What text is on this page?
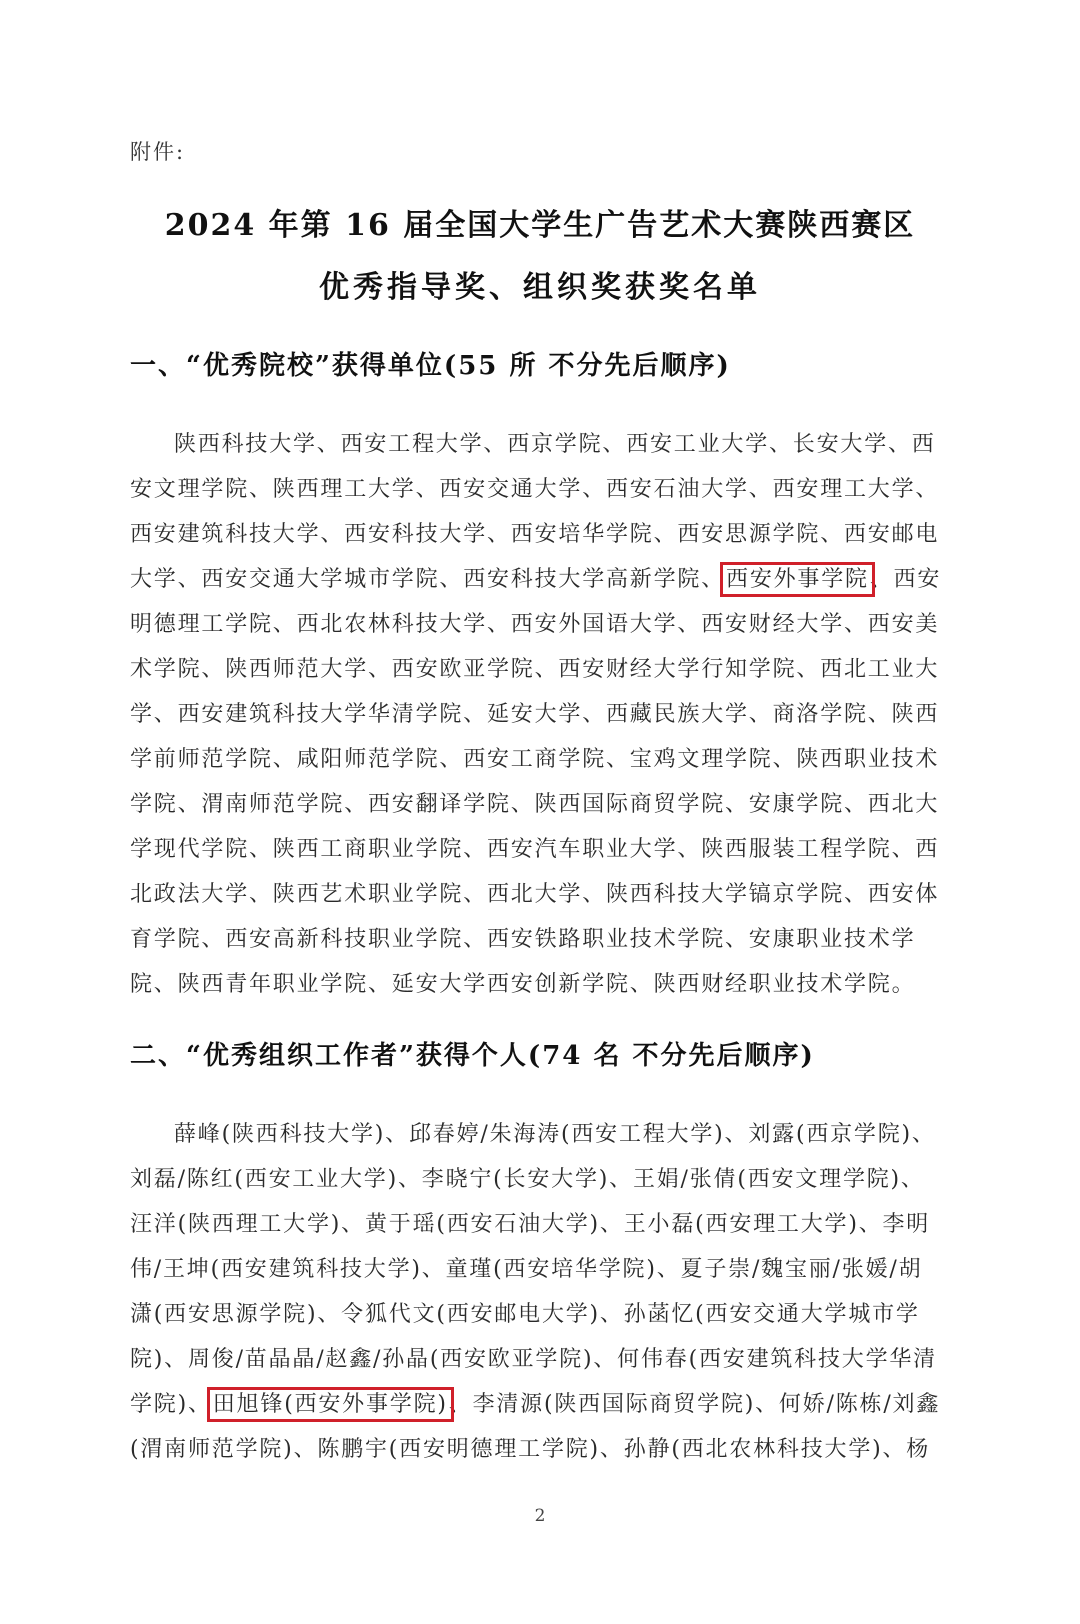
附件:
2024 年第 16 届全国大学生广告艺术大赛陕西赛区
优秀指导奖、组织奖获奖名单
一、“优秀院校”获得单位(55 所 不分先后顺序)
陕西科技大学、西安工程大学、西京学院、西安工业大学、长安大学、西
安文理学院、陕西理工大学、西安交通大学、西安石油大学、西安理工大学、
西安建筑科技大学、西安科技大学、西安培华学院、西安思源学院、西安邮电
大学、西安交通大学城市学院、西安科技大学高新学院、西安外事学院、西安
明德理工学院、西北农林科技大学、西安外国语大学、西安财经大学、西安美
术学院、陕西师范大学、西安欧亚学院、西安财经大学行知学院、西北工业大
学、西安建筑科技大学华清学院、延安大学、西藏民族大学、商洛学院、陕西
学前师范学院、咸阳师范学院、西安工商学院、宝鸡文理学院、陕西职业技术
学院、渭南师范学院、西安翻译学院、陕西国际商贸学院、安康学院、西北大
学现代学院、陕西工商职业学院、西安汽车职业大学、陕西服装工程学院、西
北政法大学、陕西艺术职业学院、西北大学、陕西科技大学镐京学院、西安体
育学院、西安高新科技职业学院、西安铁路职业技术学院、安康职业技术学
院、陕西青年职业学院、延安大学西安创新学院、陕西财经职业技术学院。
二、“优秀组织工作者”获得个人(74 名 不分先后顺序)
薛峰(陕西科技大学)、邱春婷/朱海涛(西安工程大学)、刘露(西京学院)、
刘磊/陈红(西安工业大学)、李晓宁(长安大学)、王娟/张倩(西安文理学院)、
汪洋(陕西理工大学)、黄于瑶(西安石油大学)、王小磊(西安理工大学)、李明
伟/王坤(西安建筑科技大学)、童瑾(西安培华学院)、夏子崇/魏宝丽/张媛/胡
潇(西安思源学院)、令狐代文(西安邮电大学)、孙菡忆(西安交通大学城市学
院)、周俊/苗晶晶/赵鑫/孙晶(西安欧亚学院)、何伟春(西安建筑科技大学华清
学院)、田旭锋(西安外事学院)、李清源(陕西国际商贸学院)、何娇/陈栋/刘鑫
(渭南师范学院)、陈鹏宇(西安明德理工学院)、孙静(西北农林科技大学)、杨
2
